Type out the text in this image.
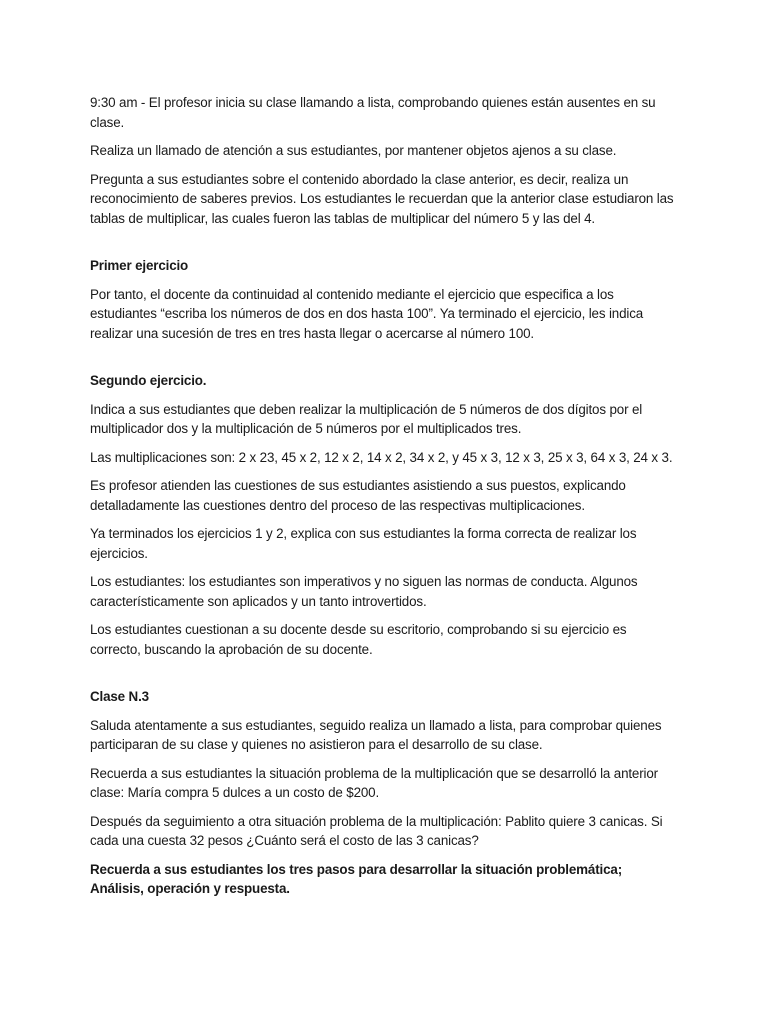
9:30 am - El profesor inicia su clase llamando a lista, comprobando quienes están ausentes en su clase.

Realiza un llamado de atención a sus estudiantes, por mantener objetos ajenos a su clase.

Pregunta a sus estudiantes sobre el contenido abordado la clase anterior, es decir, realiza un reconocimiento de saberes previos. Los estudiantes le recuerdan que la anterior clase estudiaron las tablas de multiplicar, las cuales fueron las tablas de multiplicar del número 5 y las del 4.

Primer ejercicio

Por tanto, el docente da continuidad al contenido mediante el ejercicio que especifica a los estudiantes “escriba los números de dos en dos hasta 100”. Ya terminado el ejercicio, les indica realizar una sucesión de tres en tres hasta llegar o acercarse al número 100.

Segundo ejercicio.

Indica a sus estudiantes que deben realizar la multiplicación de 5 números de dos dígitos por el multiplicador dos y la multiplicación de 5 números por el multiplicados tres.

Las multiplicaciones son: 2 x 23, 45 x 2, 12 x 2, 14 x 2, 34 x 2, y 45 x 3, 12 x 3, 25 x 3, 64 x 3, 24 x 3.

Es profesor atienden las cuestiones de sus estudiantes asistiendo a sus puestos, explicando detalladamente las cuestiones dentro del proceso de las respectivas multiplicaciones.

Ya terminados los ejercicios 1 y 2, explica con sus estudiantes la forma correcta de realizar los ejercicios.

Los estudiantes: los estudiantes son imperativos y no siguen las normas de conducta. Algunos característicamente son aplicados y un tanto introvertidos.

Los estudiantes cuestionan a su docente desde su escritorio, comprobando si su ejercicio es correcto, buscando la aprobación de su docente.

Clase N.3

Saluda atentamente a sus estudiantes, seguido realiza un llamado a lista, para comprobar quienes participaran de su clase y quienes no asistieron para el desarrollo de su clase.

Recuerda a sus estudiantes la situación problema de la multiplicación que se desarrolló la anterior clase: María compra 5 dulces a un costo de $200.

Después da seguimiento a otra situación problema de la multiplicación: Pablito quiere 3 canicas. Si cada una cuesta 32 pesos ¿Cuánto será el costo de las 3 canicas?

Recuerda a sus estudiantes los tres pasos para desarrollar la situación problemática; Análisis, operación y respuesta.
